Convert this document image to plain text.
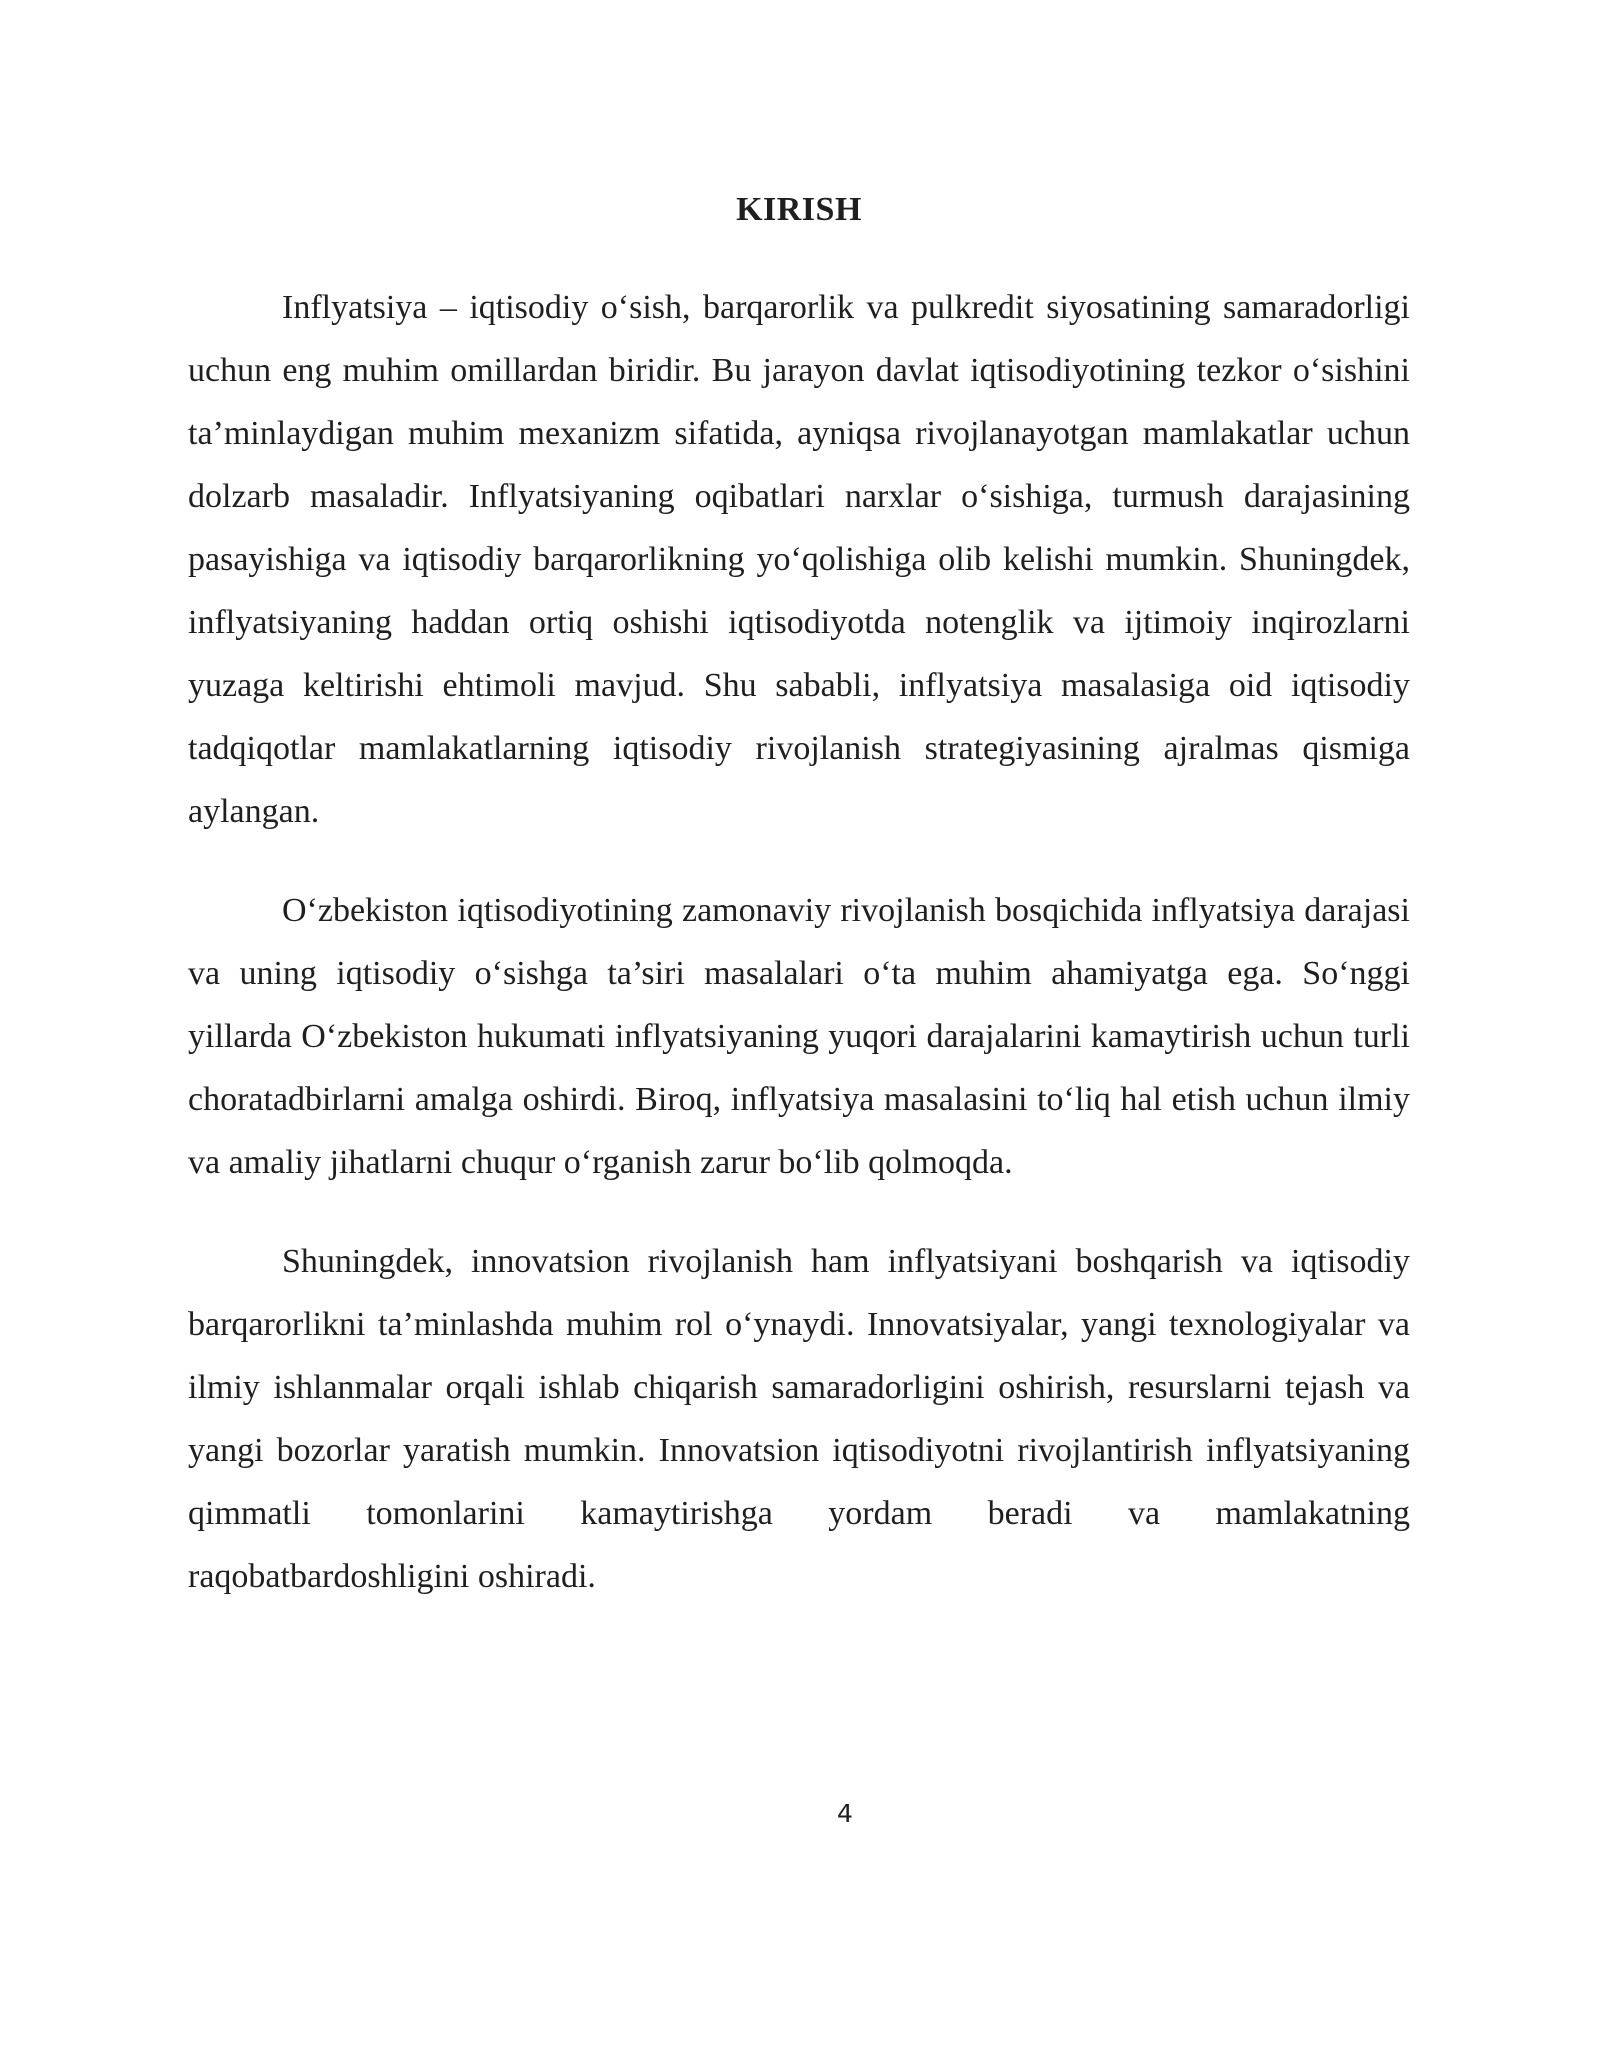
KIRISH

Inflyatsiya – iqtisodiy o‘sish, barqarorlik va pulkredit siyosatining samaradorligi uchun eng muhim omillardan biridir. Bu jarayon davlat iqtisodiyotining tezkor o‘sishini ta’minlaydigan muhim mexanizm sifatida, ayniqsa rivojlanayotgan mamlakatlar uchun dolzarb masaladir. Inflyatsiyaning oqibatlari narxlar o‘sishiga, turmush darajasining pasayishiga va iqtisodiy barqarorlikning yo‘qolishiga olib kelishi mumkin. Shuningdek, inflyatsiyaning haddan ortiq oshishi iqtisodiyotda notenglik va ijtimoiy inqirozlarni yuzaga keltirishi ehtimoli mavjud. Shu sababli, inflyatsiya masalasiga oid iqtisodiy tadqiqotlar mamlakatlarning iqtisodiy rivojlanish strategiyasining ajralmas qismiga aylangan.

O‘zbekiston iqtisodiyotining zamonaviy rivojlanish bosqichida inflyatsiya darajasi va uning iqtisodiy o‘sishga ta’siri masalalari o‘ta muhim ahamiyatga ega. So‘nggi yillarda O‘zbekiston hukumati inflyatsiyaning yuqori darajalarini kamaytirish uchun turli choratadbirlarni amalga oshirdi. Biroq, inflyatsiya masalasini to‘liq hal etish uchun ilmiy va amaliy jihatlarni chuqur o‘rganish zarur bo‘lib qolmoqda.

Shuningdek, innovatsion rivojlanish ham inflyatsiyani boshqarish va iqtisodiy barqarorlikni ta’minlashda muhim rol o‘ynaydi. Innovatsiyalar, yangi texnologiyalar va ilmiy ishlanmalar orqali ishlab chiqarish samaradorligini oshirish, resurslarni tejash va yangi bozorlar yaratish mumkin. Innovatsion iqtisodiyotni rivojlantirish inflyatsiyaning qimmatli tomonlarini kamaytirishga yordam beradi va mamlakatning raqobatbardoshligini oshiradi.

4
